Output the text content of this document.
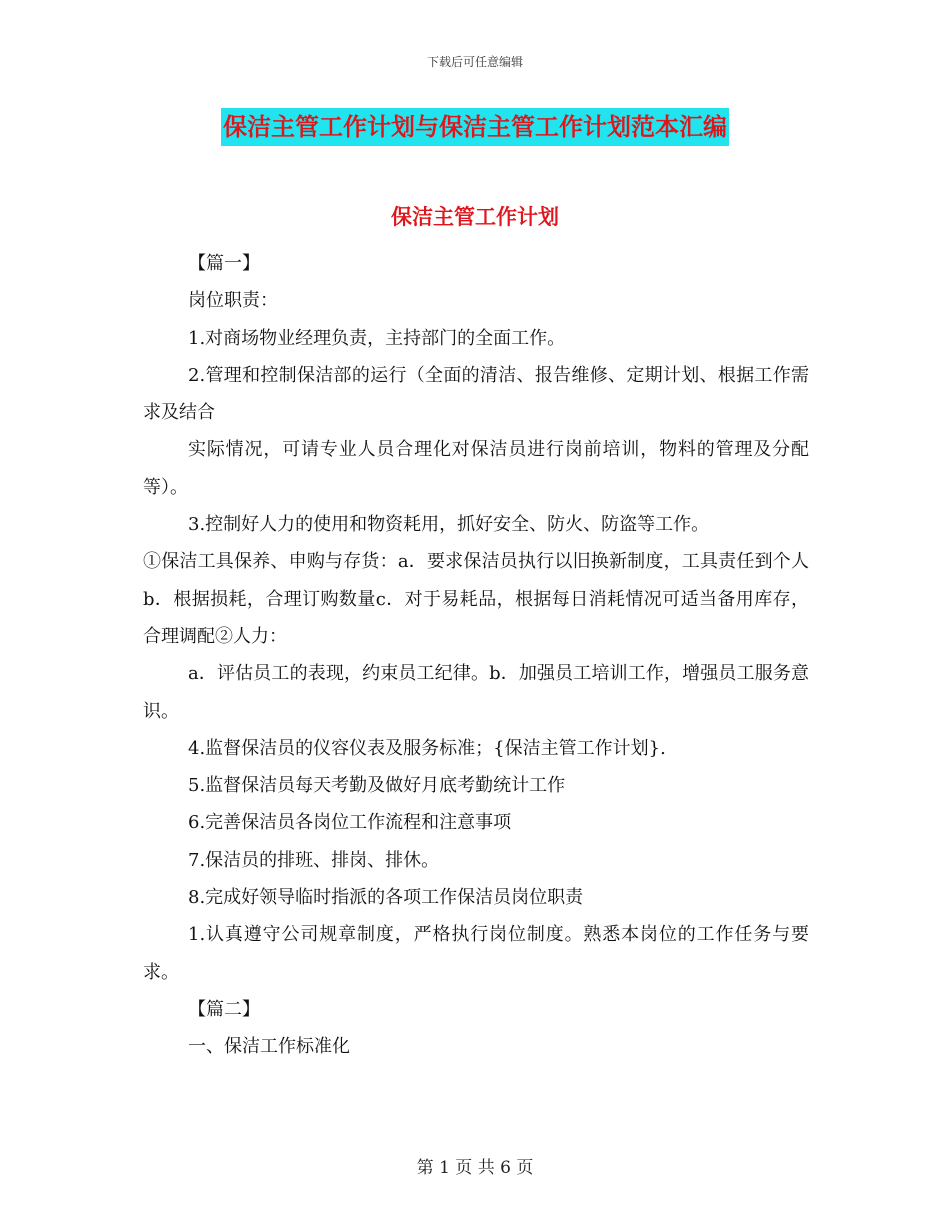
下载后可任意编辑
保洁主管工作计划与保洁主管工作计划范本汇编
保洁主管工作计划

【篇一】

岗位职责：

1.对商场物业经理负责，主持部门的全面工作。

2.管理和控制保洁部的运行（全面的清洁、报告维修、定期计划、根据工作需求及结合

实际情况，可请专业人员合理化对保洁员进行岗前培训，物料的管理及分配等）。

3.控制好人力的使用和物资耗用，抓好安全、防火、防盗等工作。

①保洁工具保养、申购与存货：a．要求保洁员执行以旧换新制度，工具责任到个人b．根据损耗，合理订购数量c．对于易耗品，根据每日消耗情况可适当备用库存，合理调配②人力：

a．评估员工的表现，约束员工纪律。b．加强员工培训工作，增强员工服务意识。

4.监督保洁员的仪容仪表及服务标准；{保洁主管工作计划}.

5.监督保洁员每天考勤及做好月底考勤统计工作

6.完善保洁员各岗位工作流程和注意事项

7.保洁员的排班、排岗、排休。

8.完成好领导临时指派的各项工作保洁员岗位职责

1.认真遵守公司规章制度，严格执行岗位制度。熟悉本岗位的工作任务与要求。

【篇二】

一、保洁工作标准化

第 1 页 共 6 页
